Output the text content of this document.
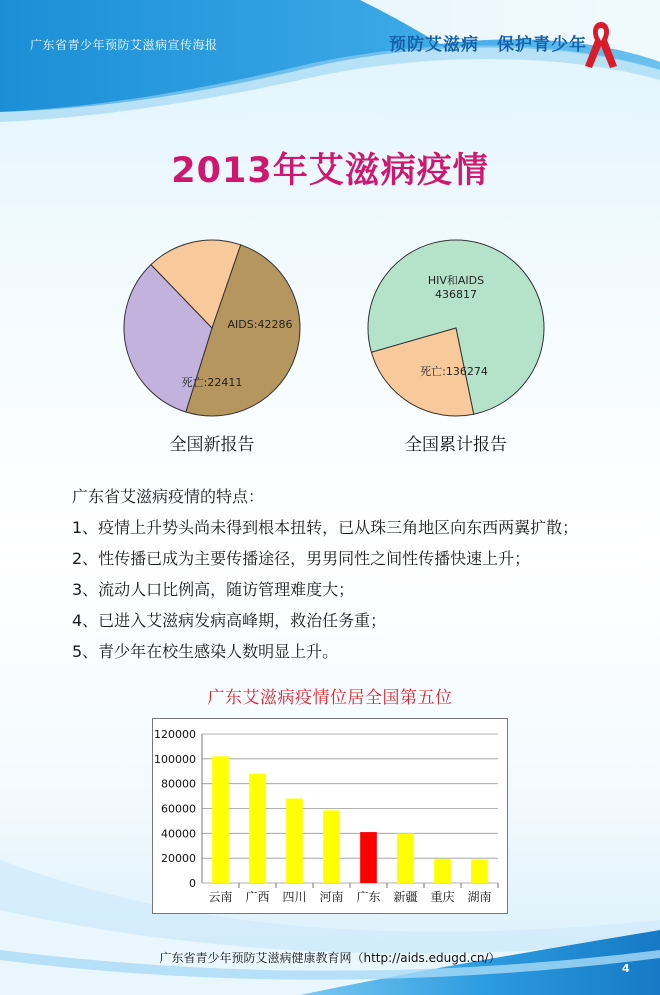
广东省青少年预防艾滋病宣传海报	预防艾滋病　保护青少年
2013年艾滋病疫情
AIDS:42286
死亡:22411
全国新报告
HIV和AIDS
436817
死亡:136274
全国累计报告
广东省艾滋病疫情的特点：
1、疫情上升势头尚未得到根本扭转，已从珠三角地区向东西两翼扩散；
2、性传播已成为主要传播途径，男男同性之间性传播快速上升；
3、流动人口比例高，随访管理难度大；
4、已进入艾滋病发病高峰期，救治任务重；
5、青少年在校生感染人数明显上升。
广东艾滋病疫情位居全国第五位
0
20000
40000
60000
80000
100000
120000
云南 广西 四川 河南 广东 新疆 重庆 湖南
广东省青少年预防艾滋病健康教育网（http://aids.edugd.cn/）
4
